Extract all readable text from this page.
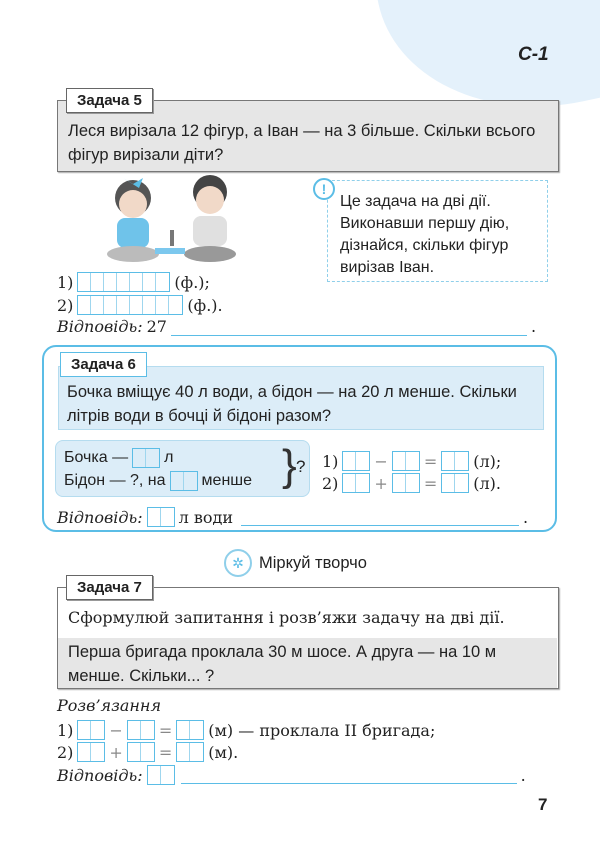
С-1
Задача 5
Леся вирізала 12 фігур, а Іван — на 3 більше. Скільки всього фігур вирізали діти?
Це задача на дві дії. Виконавши першу дію, дізнайся, скільки фігур вирізав Іван.
!
1)	(ф.);
2)	(ф.).
Відповідь: 27	.
Задача 6
Бочка вміщує 40 л води, а бідон — на 20 л менше. Скільки літрів води в бочці й бідоні разом?
Бочка — л
Бідон — ?, на менше } ? 1) − = (л);
2) + = (л).
Відповідь: л води	.
✲ Міркуй творчо
Задача 7
Сформулюй запитання і розв’яжи задачу на дві дії.
Перша бригада проклала 30 м шосе. А друга — на 10 м менше. Скільки... ?
Розв’язання
1) − = (м) — проклала ІІ бригада;
2) + = (м).
Відповідь:	.
7
